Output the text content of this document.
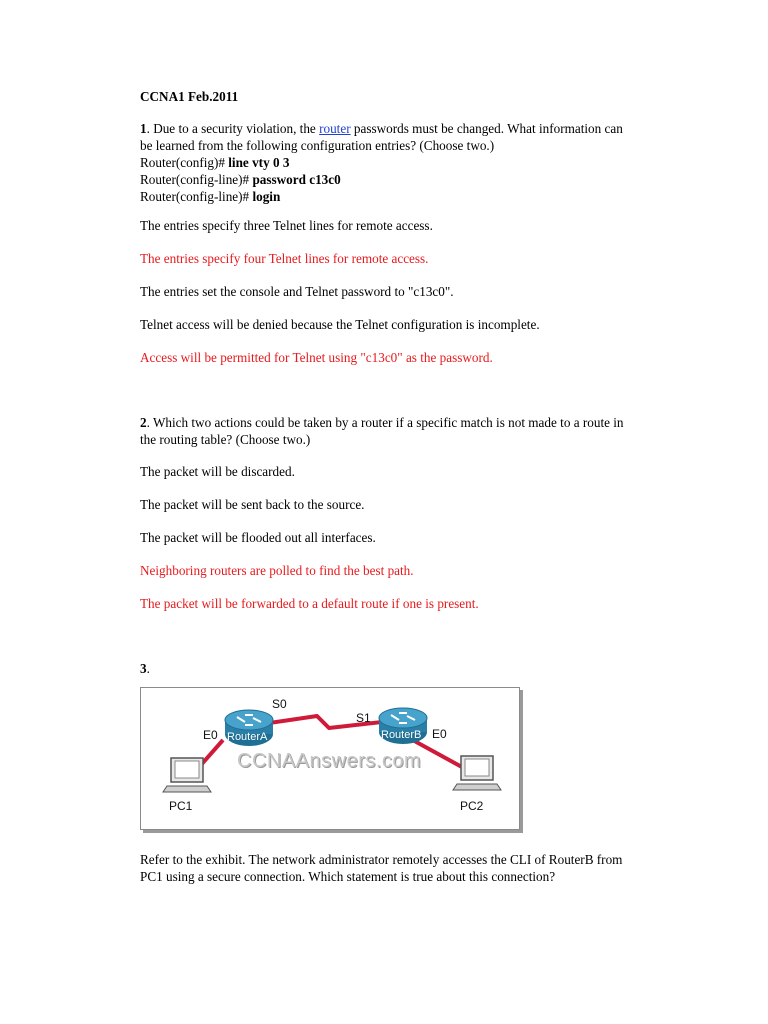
CCNA1 Feb.2011
1. Due to a security violation, the router passwords must be changed. What information can be learned from the following configuration entries? (Choose two.)
Router(config)# line vty 0 3
Router(config-line)# password c13c0
Router(config-line)# login
The entries specify three Telnet lines for remote access.
The entries specify four Telnet lines for remote access.
The entries set the console and Telnet password to "c13c0".
Telnet access will be denied because the Telnet configuration is incomplete.
Access will be permitted for Telnet using "c13c0" as the password.
2. Which two actions could be taken by a router if a specific match is not made to a route in the routing table? (Choose two.)
The packet will be discarded.
The packet will be sent back to the source.
The packet will be flooded out all interfaces.
Neighboring routers are polled to find the best path.
The packet will be forwarded to a default route if one is present.
3.
S0
S1
E0	E0
RouterA	RouterB
CCNAAnswers.com
PC1	PC2
Refer to the exhibit. The network administrator remotely accesses the CLI of RouterB from PC1 using a secure connection. Which statement is true about this connection?
